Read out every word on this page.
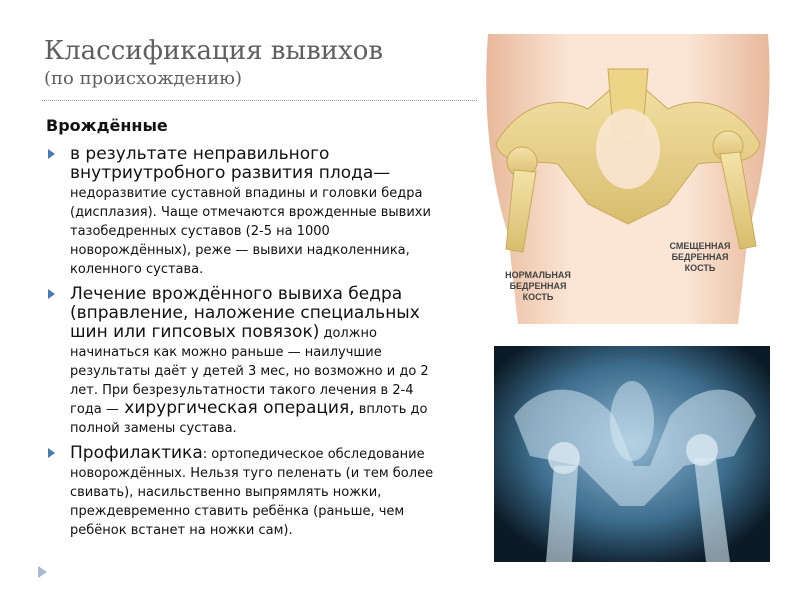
Классификация вывихов
(по происхождению)
Врождённые
в результате неправильного внутриутробного развития плода— недоразвитие суставной впадины и головки бедра (дисплазия). Чаще отмечаются врожденные вывихи тазобедренных суставов (2-5 на 1000 новорождённых), реже — вывихи надколенника, коленного сустава.
Лечение врождённого вывиха бедра (вправление, наложение специальных шин или гипсовых повязок) должно начинаться как можно раньше — наилучшие результаты даёт у детей 3 мес, но возможно и до 2 лет. При безрезультатности такого лечения в 2-4 года — хирургическая операция, вплоть до полной замены сустава.
Профилактика: ортопедическое обследование новорождённых. Нельзя туго пеленать (и тем более свивать), насильственно выпрямлять ножки, преждевременно ставить ребёнка (раньше, чем ребёнок встанет на ножки сам).
НОРМАЛЬНАЯ
БЕДРЕННАЯ
КОСТЬ
СМЕЩЕННАЯ
БЕДРЕННАЯ
КОСТЬ
